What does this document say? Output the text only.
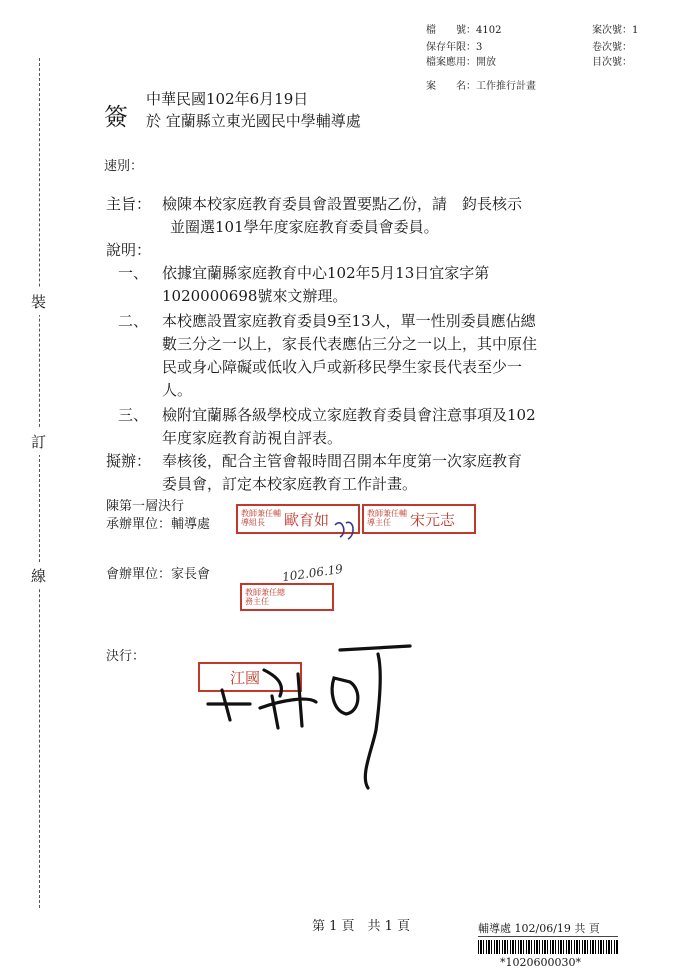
裝
訂
線
檔　　號：4102
保存年限：3
檔案應用：開放
案　　名：工作推行計畫
案次號：1
卷次號：
目次號：
簽
中華民國102年6月19日
於 宜蘭縣立東光國民中學輔導處
速別：
主旨： 檢陳本校家庭教育委員會設置要點乙份，請　鈞長核示
並圈選101學年度家庭教育委員會委員。
說明：
一、 依據宜蘭縣家庭教育中心102年5月13日宜家字第
1020000698號來文辦理。
二、 本校應設置家庭教育委員9至13人，單一性別委員應佔總
數三分之一以上，家長代表應佔三分之一以上，其中原住
民或身心障礙或低收入戶或新移民學生家長代表至少一
人。
三、 檢附宜蘭縣各級學校成立家庭教育委員會注意事項及102
年度家庭教育訪視自評表。
擬辦： 奉核後，配合主管會報時間召開本年度第一次家庭教育
委員會，訂定本校家庭教育工作計畫。
陳第一層決行
承辦單位：輔導處
教師兼任輔導組長	歐育如	教師兼任輔導主任	宋元志
會辦單位：家長會	102.06.19
教師兼任總務主任
決行：
江國
第 1 頁　共 1 頁	輔導處 102/06/19 共 頁
*1020600030*
